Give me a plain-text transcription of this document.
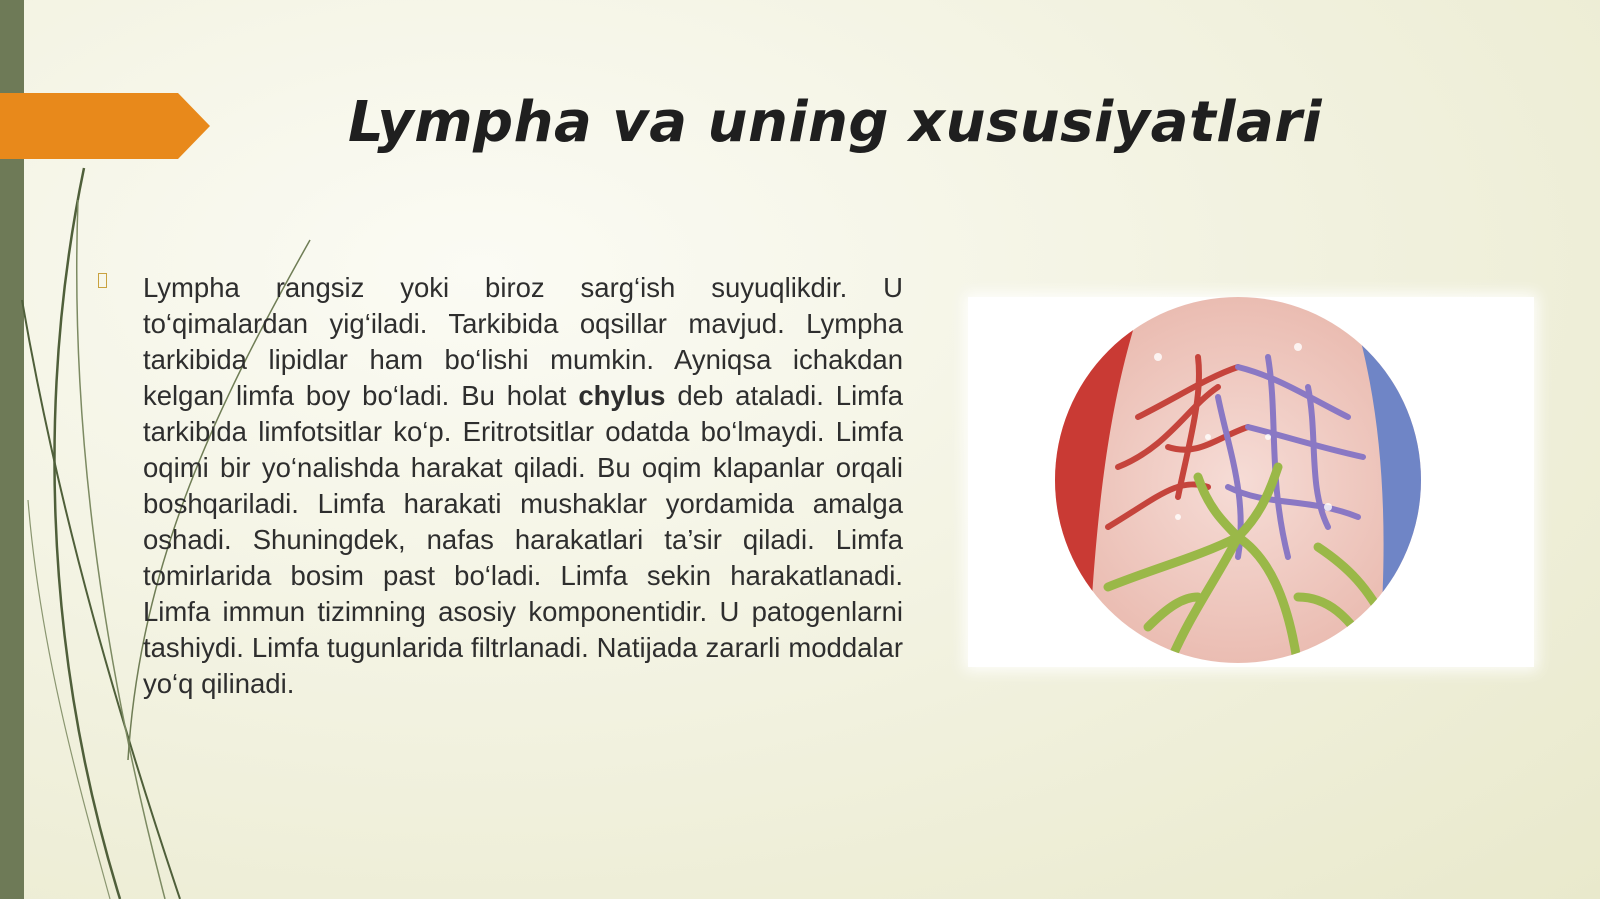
Lympha va uning xususiyatlari

Lympha rangsiz yoki biroz sarg‘ish suyuqlikdir. U to‘qimalardan yig‘iladi. Tarkibida oqsillar mavjud. Lympha tarkibida lipidlar ham bo‘lishi mumkin. Ayniqsa ichakdan kelgan limfa boy bo‘ladi. Bu holat chylus deb ataladi. Limfa tarkibida limfotsitlar ko‘p. Eritrotsitlar odatda bo‘lmaydi. Limfa oqimi bir yo‘nalishda harakat qiladi. Bu oqim klapanlar orqali boshqariladi. Limfa harakati mushaklar yordamida amalga oshadi. Shuningdek, nafas harakatlari ta’sir qiladi. Limfa tomirlarida bosim past bo‘ladi. Limfa sekin harakatlanadi. Limfa immun tizimning asosiy komponentidir. U patogenlarni tashiydi. Limfa tugunlarida filtrlanadi. Natijada zararli moddalar yo‘q qilinadi.
